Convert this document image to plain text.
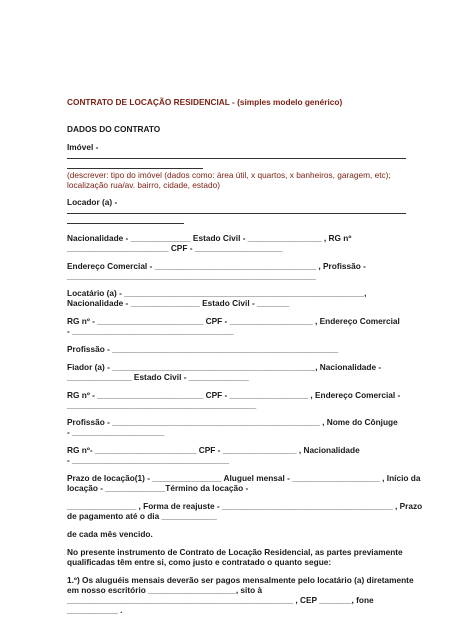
CONTRATO DE LOCAÇÃO RESIDENCIAL - (simples modelo genérico)
DADOS DO CONTRATO
Imóvel -
(descrever: tipo do imóvel (dados como: área útil, x quartos, x banheiros, garagem, etc);
localização rua/av. bairro, cidade, estado)
Locador (a) -
Nacionalidade - _____________ Estado Civil - ________________ , RG nº
______________________ CPF - ___________________
Endereço Comercial - ___________________________________ , Profissão -
______________________________________________________
Locatário (a) - ____________________________________________________,
Nacionalidade - _______________ Estado Civil - _______
RG nº - _______________________ CPF - __________________ , Endereço Comercial
- ___________________________________
Profissão - _________________________________________________
Fiador (a) - ____________________________________________, Nacionalidade -
______________ Estado Civil - _____________
RG nº - _______________________ CPF - _________________ , Endereço Comercial -
_________________________________________
Profissão - _____________________________________________ , Nome do Cônjuge
- ____________________
RG nº- ______________________ CPF - ________________ , Nacionalidade
- __________________________________
Prazo de locação(1) - _______________ Aluguel mensal - ___________________ , Início da
locação - _____________Término da locação -
_______________ , Forma de reajuste - _____________________________________ , Prazo
de pagamento até o dia ____________
de cada mês vencido.
No presente instrumento de Contrato de Locação Residencial, as partes previamente
qualificadas têm entre si, como justo e contratado o quanto segue:
1.º) Os aluguéis mensais deverão ser pagos mensalmente pelo locatário (a) diretamente
em nosso escritório ___________________, sito à
_________________________________________________ , CEP _______, fone
___________ .
